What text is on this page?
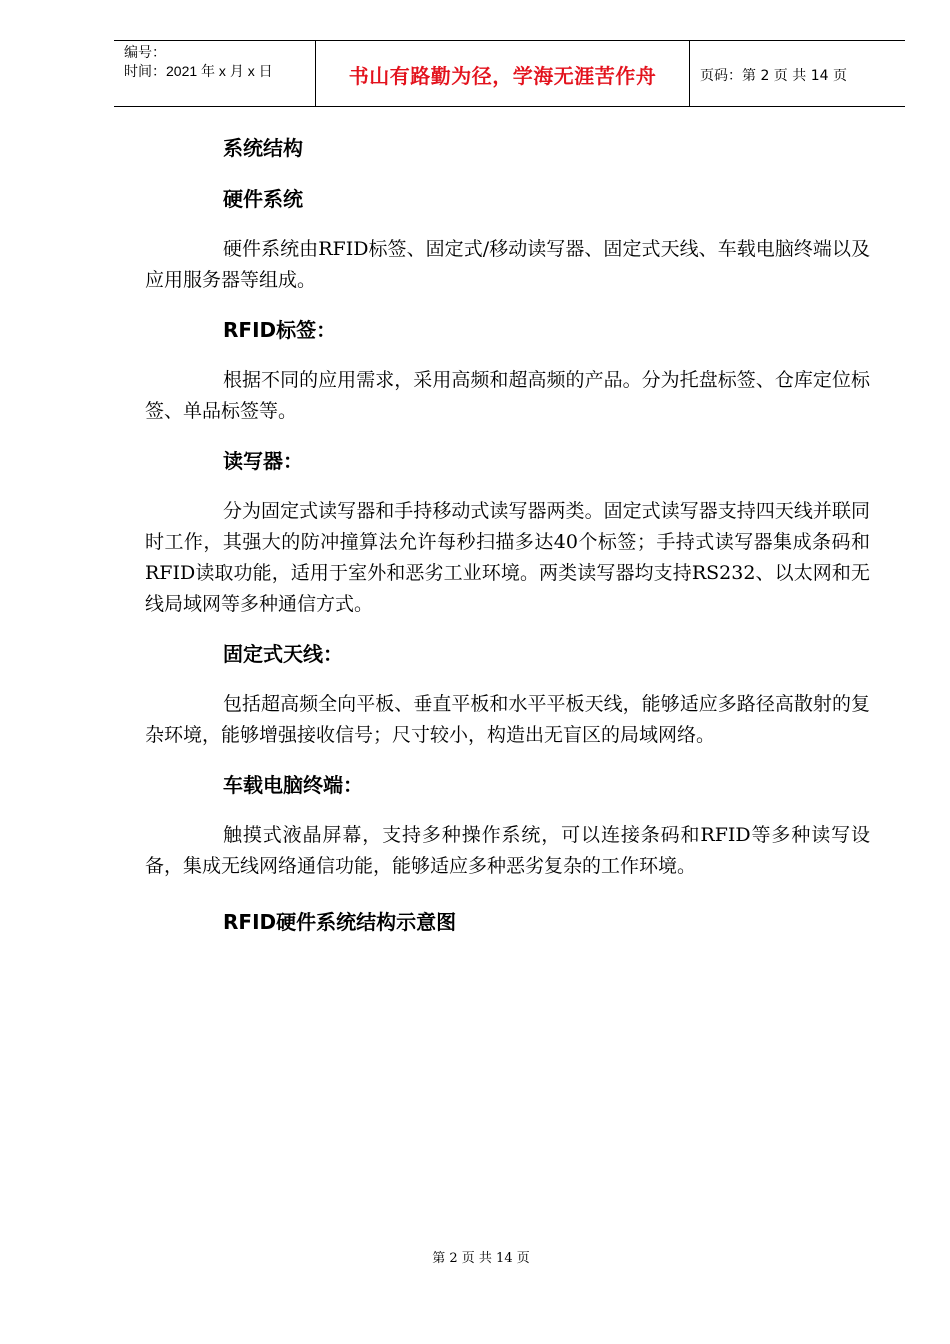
编号：
时间：2021 年 x 月 x 日	书山有路勤为径，学海无涯苦作舟	页码：第 2 页 共 14 页

系统结构

硬件系统

硬件系统由RFID标签、固定式/移动读写器、固定式天线、车载电脑终端以及应用服务器等组成。

RFID标签：

根据不同的应用需求，采用高频和超高频的产品。分为托盘标签、仓库定位标签、单品标签等。

读写器：

分为固定式读写器和手持移动式读写器两类。固定式读写器支持四天线并联同时工作，其强大的防冲撞算法允许每秒扫描多达40个标签；手持式读写器集成条码和RFID读取功能，适用于室外和恶劣工业环境。两类读写器均支持RS232、以太网和无线局域网等多种通信方式。

固定式天线：

包括超高频全向平板、垂直平板和水平平板天线，能够适应多路径高散射的复杂环境，能够增强接收信号；尺寸较小，构造出无盲区的局域网络。

车载电脑终端：

触摸式液晶屏幕，支持多种操作系统，可以连接条码和RFID等多种读写设备，集成无线网络通信功能，能够适应多种恶劣复杂的工作环境。

RFID硬件系统结构示意图

第 2 页 共 14 页
